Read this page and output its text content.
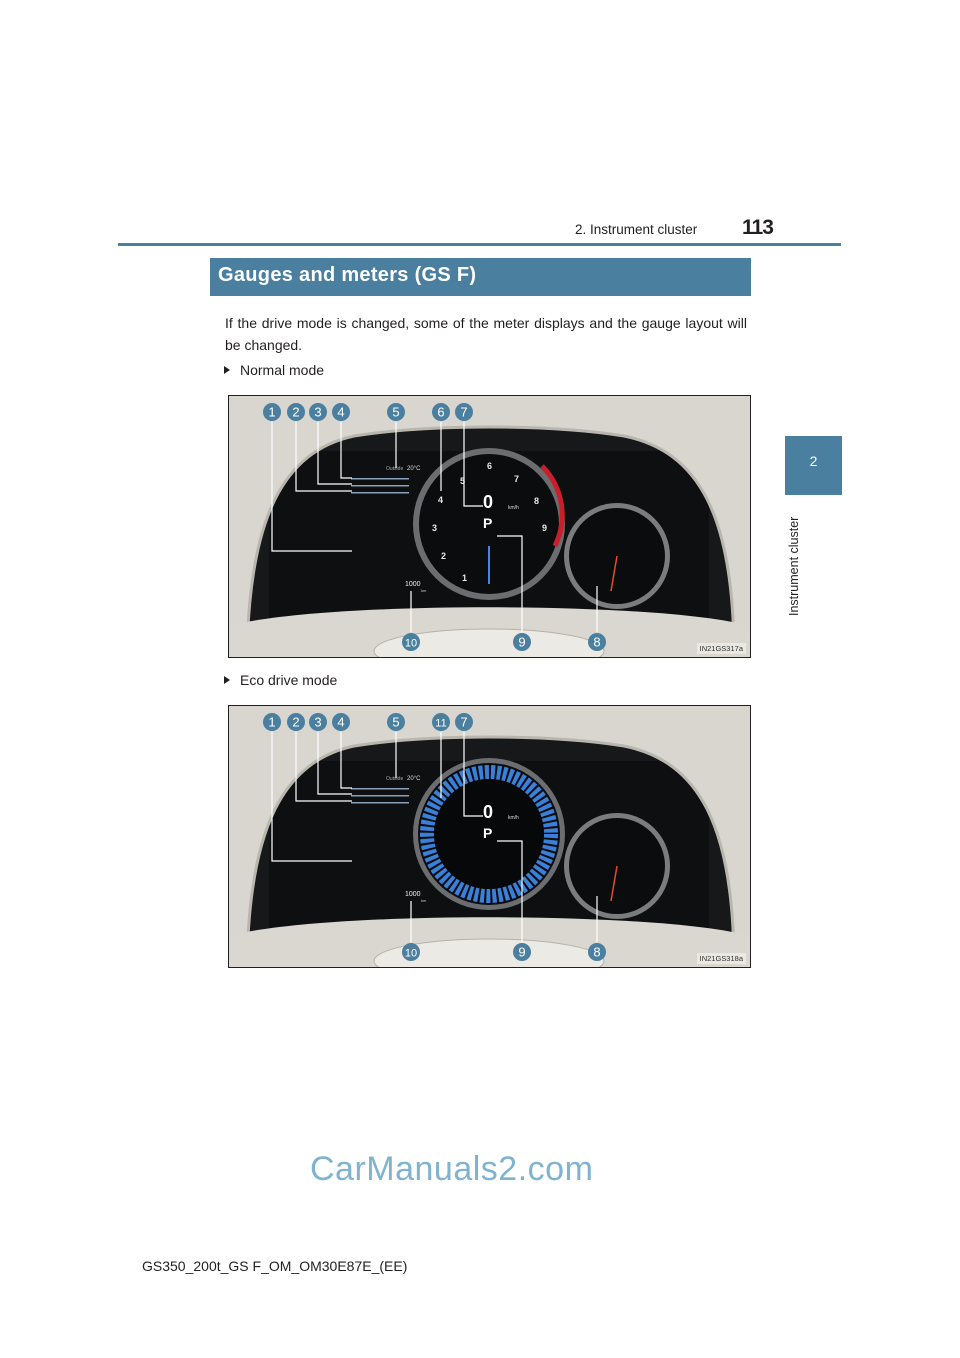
2. Instrument cluster 113
2
Instrument cluster
Gauges and meters (GS F)
If the drive mode is changed, some of the meter displays and the gauge layout will be changed.
Normal mode
Outside 20°C
1000
km
1
2
3
4
5
6
7
8
9
0
P
km/h
1 2 3 4	5	6 7
10	9	8	IN21GS317a
Eco drive mode
Outside 20°C
1000
km
0
P
km/h
1 2 3 4	5	11 7
10	9	8	IN21GS318a
CarManuals2.com
GS350_200t_GS F_OM_OM30E87E_(EE)
